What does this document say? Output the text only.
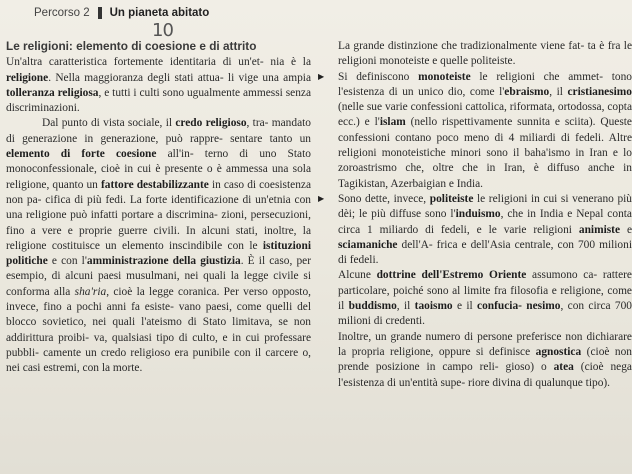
Percorso 2 Un pianeta abitato
10

Le religioni: elemento di coesione e di attrito

Un'altra caratteristica fortemente identitaria di un'et- nia è la religione. Nella maggioranza degli stati attua- li vige una ampia tolleranza religiosa, e tutti i culti sono ugualmente ammessi senza discriminazioni.

Dal punto di vista sociale, il credo religioso, tra- mandato di generazione in generazione, può rappre- sentare tanto un elemento di forte coesione all'in- terno di uno Stato monoconfessionale, cioè in cui è presente o è ammessa una sola religione, quanto un fattore destabilizzante in caso di coesistenza non pa- cifica di più fedi. La forte identificazione di un'etnia con una religione può infatti portare a discrimina- zioni, persecuzioni, fino a vere e proprie guerre civili. In alcuni stati, inoltre, la religione costituisce un elemento inscindibile con le istituzioni politiche e con l'amministrazione della giustizia. È il caso, per esempio, di alcuni paesi musulmani, nei quali la legge civile si conforma alla sha'ria, cioè la legge coranica. Per verso opposto, invece, fino a pochi anni fa esiste- vano paesi, come quelli del blocco sovietico, nei quali l'ateismo di Stato limitava, se non addirittura proibi- va, qualsiasi tipo di culto, e in cui professare pubbli- camente un credo religioso era punibile con il carcere o, nei casi estremi, con la morte.

La grande distinzione che tradizionalmente viene fat- ta è fra le religioni monoteiste e quelle politeiste.

▶ Si definiscono monoteiste le religioni che ammet- tono l'esistenza di un unico dio, come l'ebraismo, il cristianesimo (nelle sue varie confessioni cattolica, riformata, ortodossa, copta ecc.) e l'islam (nello rispettivamente sunnita e sciita). Queste confessioni contano poco meno di 4 miliardi di fedeli. Altre religioni monoteistiche minori sono il baha'ismo in Iran e lo zoroastrismo che, oltre che in Iran, è diffuso anche in Tagikistan, Azerbaigian e India.

▶ Sono dette, invece, politeiste le religioni in cui si venerano più dèi; le più diffuse sono l'induismo, che in India e Nepal conta circa 1 miliardo di fedeli, e le varie religioni animiste e sciamaniche dell'A- frica e dell'Asia centrale, con 700 milioni di fedeli.

Alcune dottrine dell'Estremo Oriente assumono ca- rattere particolare, poiché sono al limite fra filosofia e religione, come il buddismo, il taoismo e il confucia- nesimo, con circa 700 milioni di credenti.

Inoltre, un grande numero di persone preferisce non dichiarare la propria religione, oppure si definisce agnostica (cioè non prende posizione in campo reli- gioso) o atea (cioè nega l'esistenza di un'entità supe- riore divina di qualunque tipo).
